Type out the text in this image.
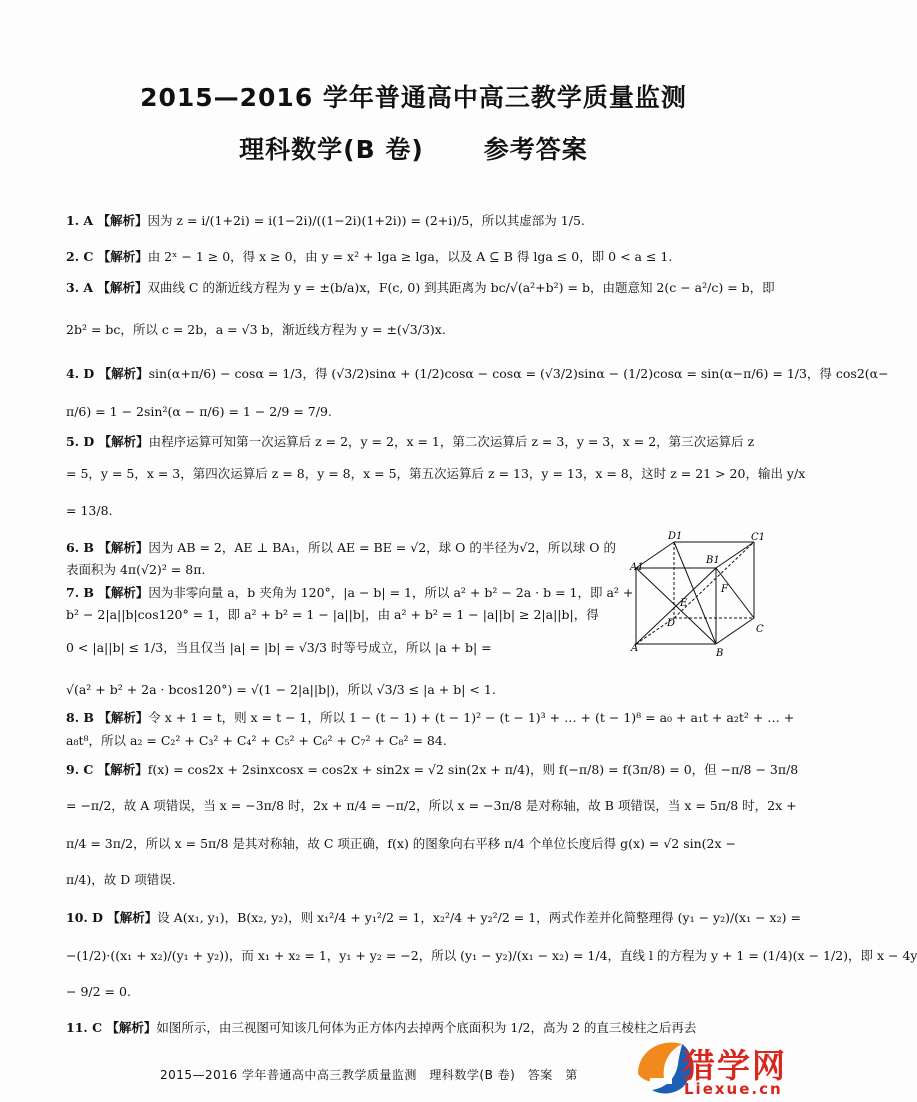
2015—2016 学年普通高中高三教学质量监测
理科数学(B 卷) 参考答案
1. A 【解析】因为 z = i/(1+2i) = i(1−2i)/((1−2i)(1+2i)) = (2+i)/5，所以其虚部为 1/5.
2. C 【解析】由 2ˣ − 1 ≥ 0，得 x ≥ 0，由 y = x² + lga ≥ lga，以及 A ⊆ B 得 lga ≤ 0，即 0 < a ≤ 1.
3. A 【解析】双曲线 C 的渐近线方程为 y = ±(b/a)x，F(c, 0) 到其距离为 bc/√(a²+b²) = b，由题意知 2(c − a²/c) = b，即
2b² = bc，所以 c = 2b，a = √3 b，渐近线方程为 y = ±(√3/3)x.
4. D 【解析】sin(α+π/6) − cosα = 1/3，得 (√3/2)sinα + (1/2)cosα − cosα = (√3/2)sinα − (1/2)cosα = sin(α−π/6) = 1/3，得 cos2(α−
π/6) = 1 − 2sin²(α − π/6) = 1 − 2/9 = 7/9.
5. D 【解析】由程序运算可知第一次运算后 z = 2，y = 2，x = 1，第二次运算后 z = 3，y = 3，x = 2，第三次运算后 z
= 5，y = 5，x = 3，第四次运算后 z = 8，y = 8，x = 5，第五次运算后 z = 13，y = 13，x = 8，这时 z = 21 > 20，输出 y/x
= 13/8.
6. B 【解析】因为 AB = 2，AE ⊥ BA₁，所以 AE = BE = √2，球 O 的半径为√2，所以球 O 的
表面积为 4π(√2)² = 8π.
7. B 【解析】因为非零向量 a，b 夹角为 120°，|a − b| = 1，所以 a² + b² − 2a · b = 1，即 a² +
b² − 2|a||b|cos120° = 1，即 a² + b² = 1 − |a||b|，由 a² + b² = 1 − |a||b| ≥ 2|a||b|，得
0 < |a||b| ≤ 1/3，当且仅当 |a| = |b| = √3/3 时等号成立，所以 |a + b| =
√(a² + b² + 2a · bcos120°) = √(1 − 2|a||b|)，所以 √3/3 ≤ |a + b| < 1.
8. B 【解析】令 x + 1 = t，则 x = t − 1，所以 1 − (t − 1) + (t − 1)² − (t − 1)³ + … + (t − 1)⁸ = a₀ + a₁t + a₂t² + … +
a₈t⁸，所以 a₂ = C₂² + C₃² + C₄² + C₅² + C₆² + C₇² + C₈² = 84.
9. C 【解析】f(x) = cos2x + 2sinxcosx = cos2x + sin2x = √2 sin(2x + π/4)，则 f(−π/8) = f(3π/8) = 0，但 −π/8 − 3π/8
= −π/2，故 A 项错误，当 x = −3π/8 时，2x + π/4 = −π/2，所以 x = −3π/8 是对称轴，故 B 项错误，当 x = 5π/8 时，2x +
π/4 = 3π/2，所以 x = 5π/8 是其对称轴，故 C 项正确，f(x) 的图象向右平移 π/4 个单位长度后得 g(x) = √2 sin(2x −
π/4)，故 D 项错误.
10. D 【解析】设 A(x₁, y₁)，B(x₂, y₂)，则 x₁²/4 + y₁²/2 = 1，x₂²/4 + y₂²/2 = 1，两式作差并化简整理得 (y₁ − y₂)/(x₁ − x₂) =
−(1/2)·((x₁ + x₂)/(y₁ + y₂))，而 x₁ + x₂ = 1，y₁ + y₂ = −2，所以 (y₁ − y₂)/(x₁ − x₂) = 1/4，直线 l 的方程为 y + 1 = (1/4)(x − 1/2)，即 x − 4y
− 9/2 = 0.
11. C 【解析】如图所示，由三视图可知该几何体为正方体内去掉两个底面积为 1/2，高为 2 的直三棱柱之后再去
D1	C1
B1
A1
E
F
D
C
A	B
2015—2016 学年普通高中高三教学质量监测　理科数学(B 卷)　答案　第	猎学网
Liexue.cn
